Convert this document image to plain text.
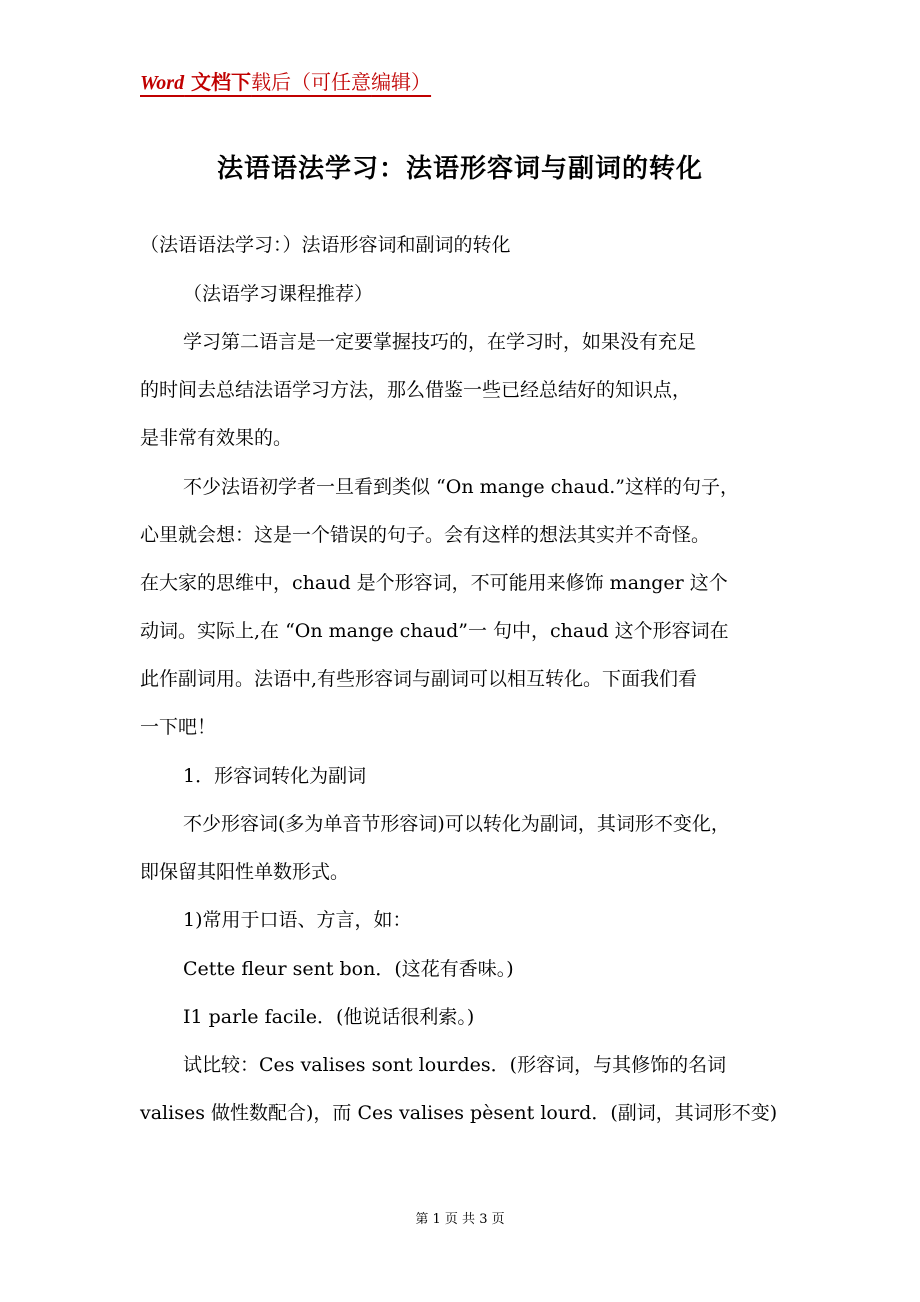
Word 文档下载后（可任意编辑）
法语语法学习：法语形容词与副词的转化
（法语语法学习：）法语形容词和副词的转化
（法语学习课程推荐）
学习第二语言是一定要掌握技巧的，在学习时，如果没有充足
的时间去总结法语学习方法，那么借鉴一些已经总结好的知识点，
是非常有效果的。
不少法语初学者一旦看到类似 “On mange chaud.”这样的句子，
心里就会想：这是一个错误的句子。会有这样的想法其实并不奇怪。
在大家的思维中，chaud 是个形容词，不可能用来修饰 manger 这个
动词。实际上,在 “On mange chaud”一 句中，chaud 这个形容词在
此作副词用。法语中,有些形容词与副词可以相互转化。下面我们看
一下吧！
1．形容词转化为副词
不少形容词(多为单音节形容词)可以转化为副词，其词形不变化，
即保留其阳性单数形式。
1)常用于口语、方言，如：
Cette fleur sent bon．(这花有香味。)
I1 parle facile．(他说话很利索。)
试比较：Ces valises sont lourdes．(形容词，与其修饰的名词
valises 做性数配合)，而 Ces valises pèsent lourd．(副词，其词形不变)
第 1 页 共 3 页
